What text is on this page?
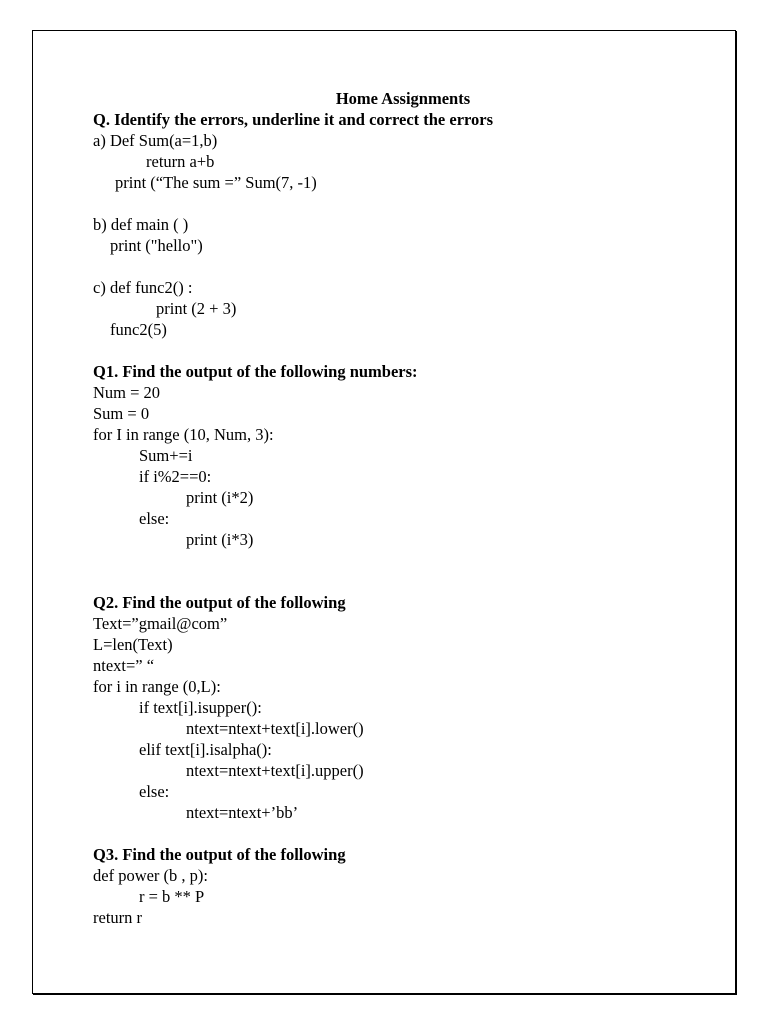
Home Assignments
Q. Identify the errors, underline it and correct the errors
a) Def Sum(a=1,b)
return a+b
print (“The sum =” Sum(7, -1)
b) def main ( )
print ("hello")
c) def func2() :
print (2 + 3)
func2(5)
Q1. Find the output of the following numbers:
Num = 20
Sum = 0
for I in range (10, Num, 3):
Sum+=i
if i%2==0:
print (i*2)
else:
print (i*3)
Q2. Find the output of the following
Text=”gmail@com”
L=len(Text)
ntext=” “
for i in range (0,L):
if text[i].isupper():
ntext=ntext+text[i].lower()
elif text[i].isalpha():
ntext=ntext+text[i].upper()
else:
ntext=ntext+’bb’
Q3. Find the output of the following
def power (b , p):
r = b ** P
return r
